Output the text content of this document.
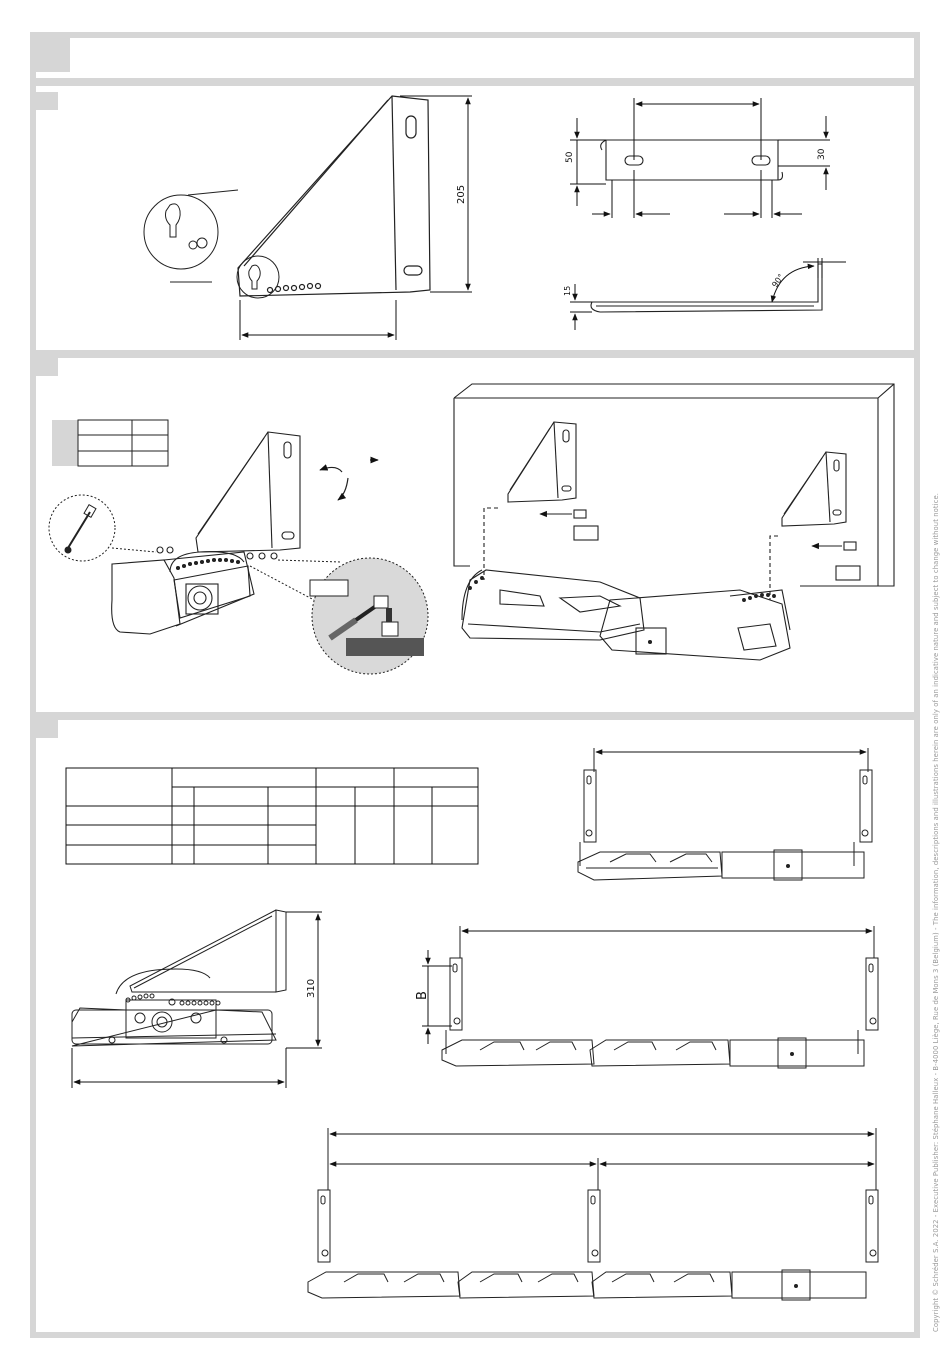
50	30
205
15
90°
310	B	Copyright © Schréder S.A. 2022 - Executive Publisher: Stéphane Halleux - B-4000 Liège, Rue de Mons 3 (Belgium) - The information, descriptions and illustrations herein are only of an indicative nature and subject to change without notice.
